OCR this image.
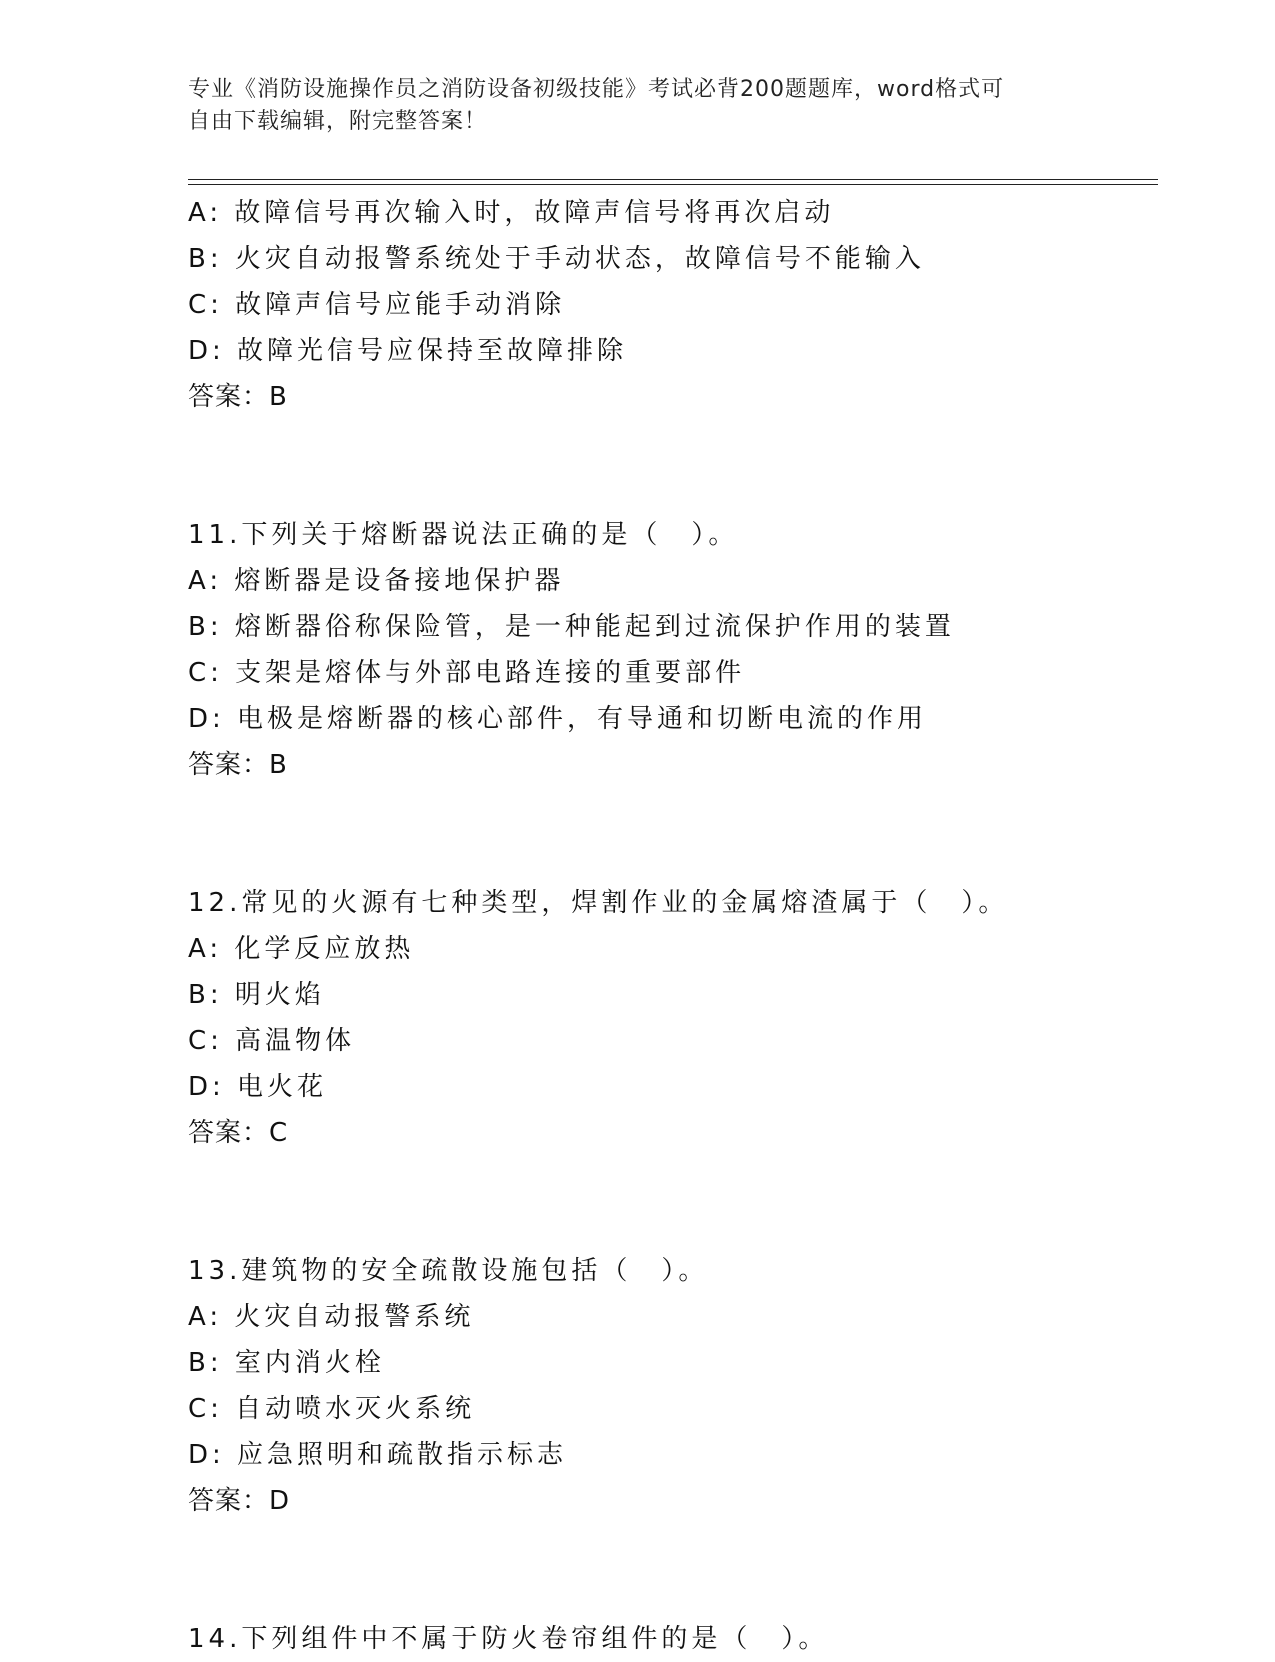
专业《消防设施操作员之消防设备初级技能》考试必背200题题库，word格式可
自由下载编辑，附完整答案！
A: 故障信号再次输入时，故障声信号将再次启动
B: 火灾自动报警系统处于手动状态，故障信号不能输入
C: 故障声信号应能手动消除
D: 故障光信号应保持至故障排除
答案：B
11.下列关于熔断器说法正确的是（　）。
A: 熔断器是设备接地保护器
B: 熔断器俗称保险管，是一种能起到过流保护作用的装置
C: 支架是熔体与外部电路连接的重要部件
D: 电极是熔断器的核心部件，有导通和切断电流的作用
答案：B
12.常见的火源有七种类型，焊割作业的金属熔渣属于（　）。
A: 化学反应放热
B: 明火焰
C: 高温物体
D: 电火花
答案：C
13.建筑物的安全疏散设施包括（　）。
A: 火灾自动报警系统
B: 室内消火栓
C: 自动喷水灭火系统
D: 应急照明和疏散指示标志
答案：D
14.下列组件中不属于防火卷帘组件的是（　）。
